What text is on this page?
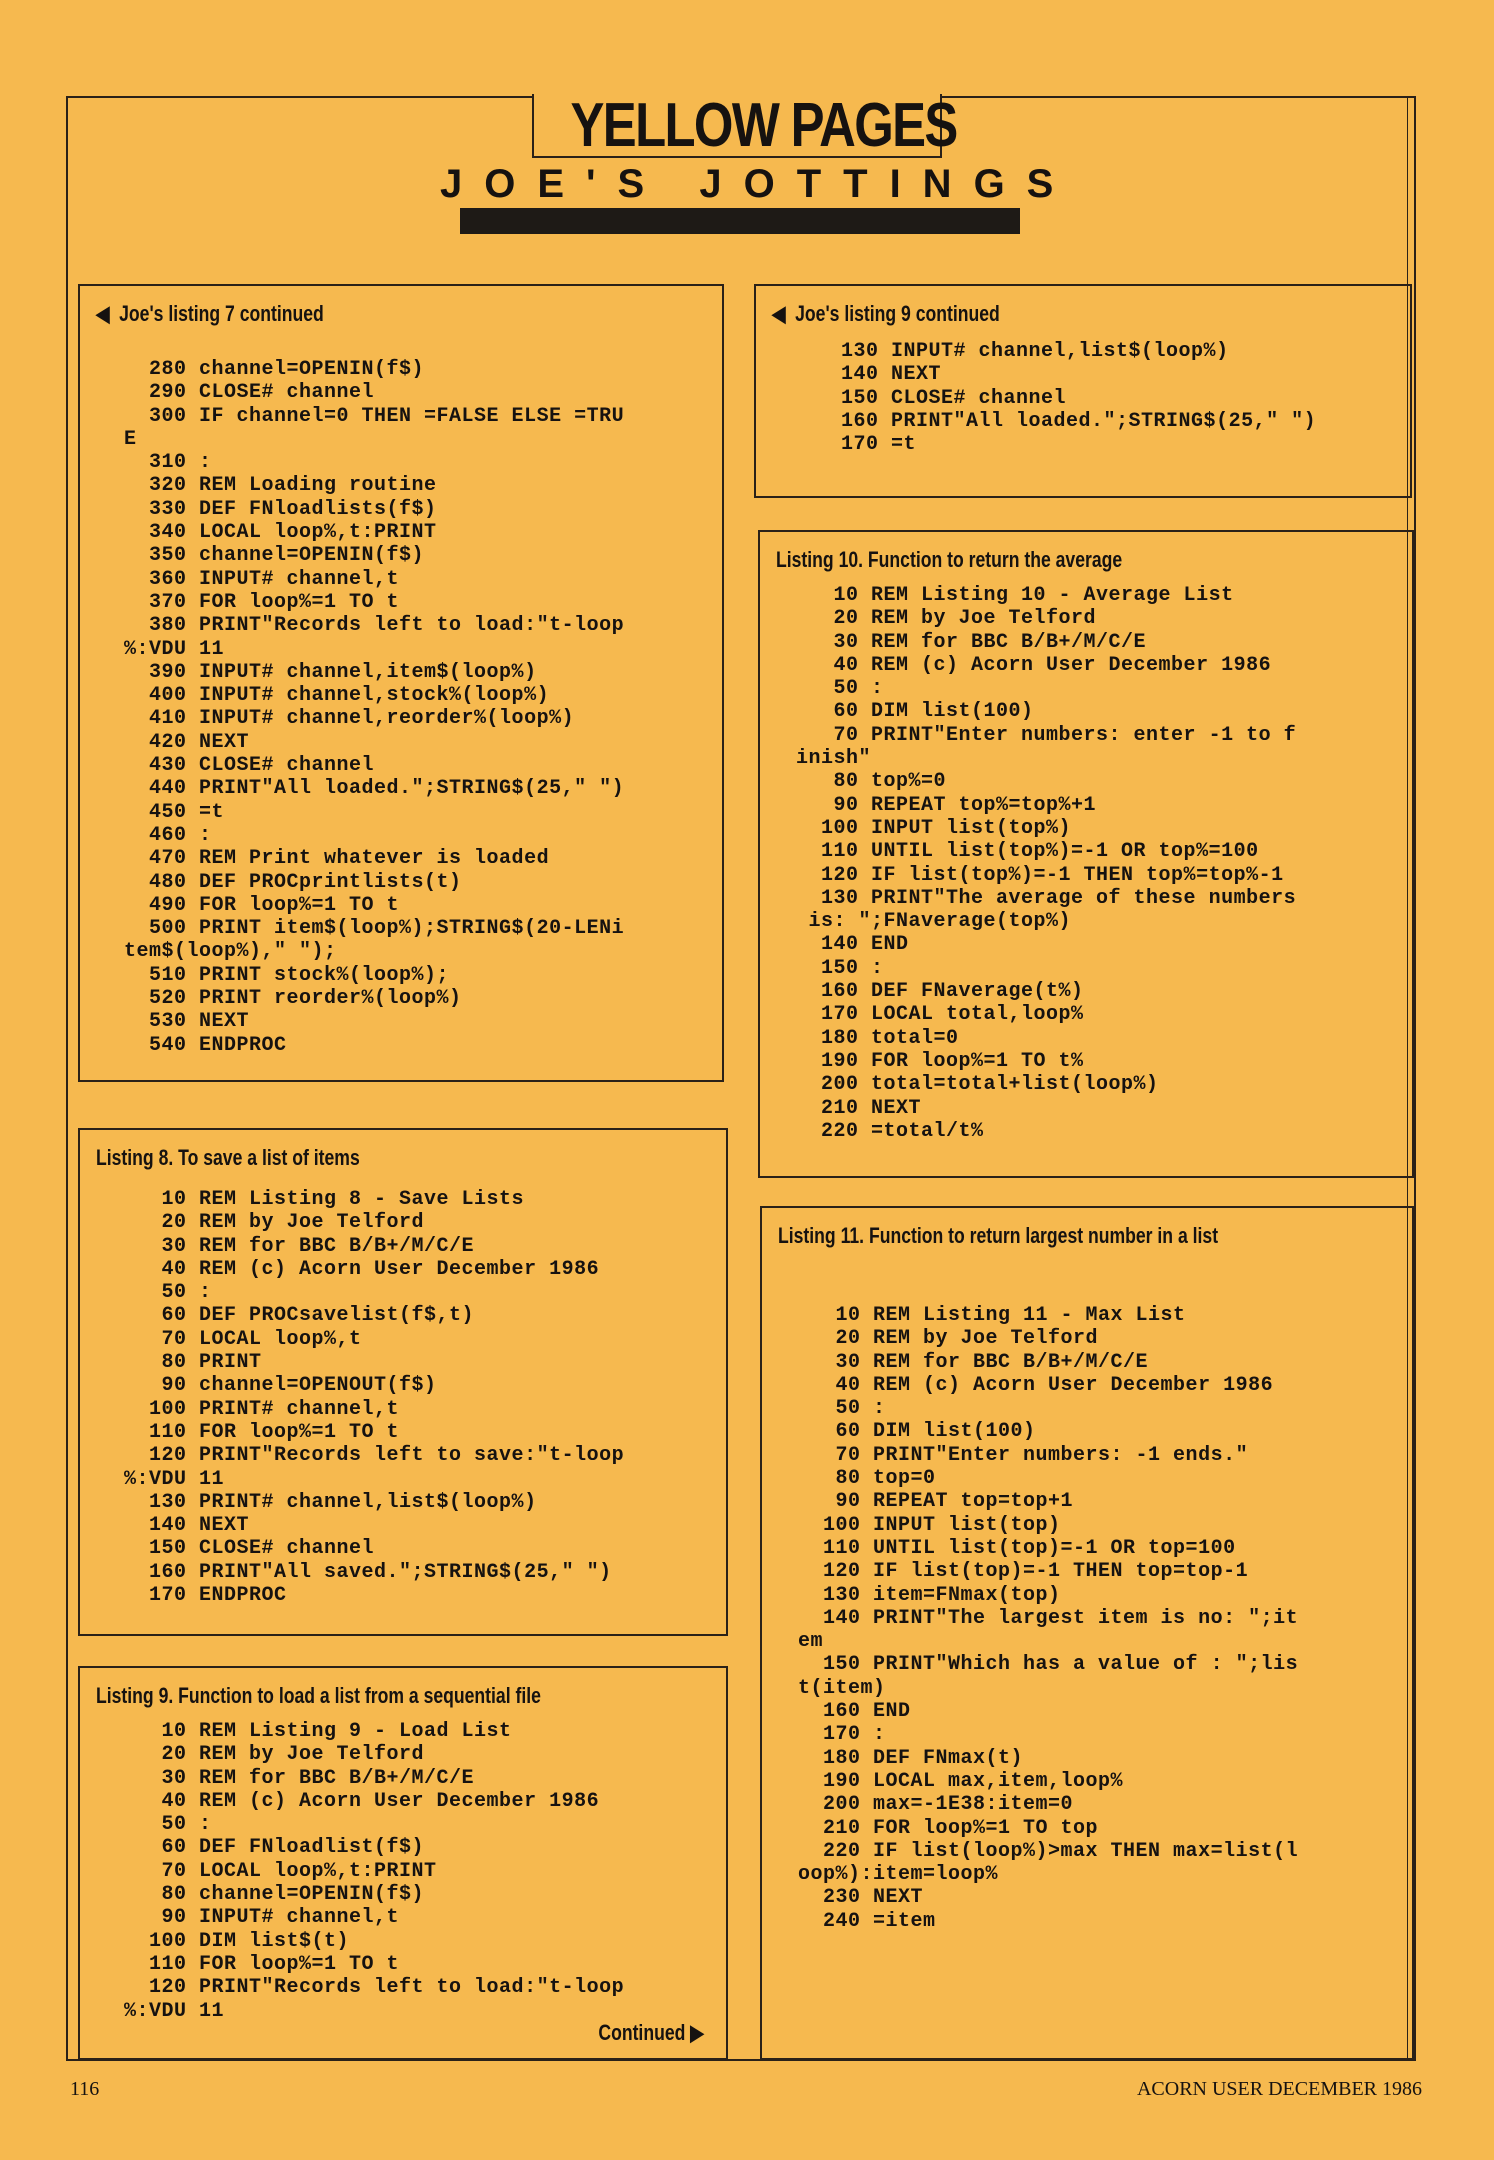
YELLOW PAGES
JOE'S JOTTINGS
◀ Joe's listing 7 continued
280 channel=OPENIN(f$)
290 CLOSE# channel
300 IF channel=0 THEN =FALSE ELSE =TRU
E
310 :
320 REM Loading routine
330 DEF FNloadlists(f$)
340 LOCAL loop%,t:PRINT
350 channel=OPENIN(f$)
360 INPUT# channel,t
370 FOR loop%=1 TO t
380 PRINT"Records left to load:"t-loop
%:VDU 11
390 INPUT# channel,item$(loop%)
400 INPUT# channel,stock%(loop%)
410 INPUT# channel,reorder%(loop%)
420 NEXT
430 CLOSE# channel
440 PRINT"All loaded.";STRING$(25," ")
450 =t
460 :
470 REM Print whatever is loaded
480 DEF PROCprintlists(t)
490 FOR loop%=1 TO t
500 PRINT item$(loop%);STRING$(20-LENi
tem$(loop%)," ");
510 PRINT stock%(loop%);
520 PRINT reorder%(loop%)
530 NEXT
540 ENDPROC
Listing 8. To save a list of items
10 REM Listing 8 - Save Lists
20 REM by Joe Telford
30 REM for BBC B/B+/M/C/E
40 REM (c) Acorn User December 1986
50 :
60 DEF PROCsavelist(f$,t)
70 LOCAL loop%,t
80 PRINT
90 channel=OPENOUT(f$)
100 PRINT# channel,t
110 FOR loop%=1 TO t
120 PRINT"Records left to save:"t-loop
%:VDU 11
130 PRINT# channel,list$(loop%)
140 NEXT
150 CLOSE# channel
160 PRINT"All saved.";STRING$(25," ")
170 ENDPROC
Listing 9. Function to load a list from a sequential file
10 REM Listing 9 - Load List
20 REM by Joe Telford
30 REM for BBC B/B+/M/C/E
40 REM (c) Acorn User December 1986
50 :
60 DEF FNloadlist(f$)
70 LOCAL loop%,t:PRINT
80 channel=OPENIN(f$)
90 INPUT# channel,t
100 DIM list$(t)
110 FOR loop%=1 TO t
120 PRINT"Records left to load:"t-loop
%:VDU 11
Continued ▶
◀ Joe's listing 9 continued
130 INPUT# channel,list$(loop%)
140 NEXT
150 CLOSE# channel
160 PRINT"All loaded.";STRING$(25," ")
170 =t
Listing 10. Function to return the average
10 REM Listing 10 - Average List
20 REM by Joe Telford
30 REM for BBC B/B+/M/C/E
40 REM (c) Acorn User December 1986
50 :
60 DIM list(100)
70 PRINT"Enter numbers: enter -1 to f
inish"
80 top%=0
90 REPEAT top%=top%+1
100 INPUT list(top%)
110 UNTIL list(top%)=-1 OR top%=100
120 IF list(top%)=-1 THEN top%=top%-1
130 PRINT"The average of these numbers
is: ";FNaverage(top%)
140 END
150 :
160 DEF FNaverage(t%)
170 LOCAL total,loop%
180 total=0
190 FOR loop%=1 TO t%
200 total=total+list(loop%)
210 NEXT
220 =total/t%
Listing 11. Function to return largest number in a list
10 REM Listing 11 - Max List
20 REM by Joe Telford
30 REM for BBC B/B+/M/C/E
40 REM (c) Acorn User December 1986
50 :
60 DIM list(100)
70 PRINT"Enter numbers: -1 ends."
80 top=0
90 REPEAT top=top+1
100 INPUT list(top)
110 UNTIL list(top)=-1 OR top=100
120 IF list(top)=-1 THEN top=top-1
130 item=FNmax(top)
140 PRINT"The largest item is no: ";it
em
150 PRINT"Which has a value of : ";lis
t(item)
160 END
170 :
180 DEF FNmax(t)
190 LOCAL max,item,loop%
200 max=-1E38:item=0
210 FOR loop%=1 TO top
220 IF list(loop%)>max THEN max=list(l
oop%):item=loop%
230 NEXT
240 =item
116	ACORN USER DECEMBER 1986
